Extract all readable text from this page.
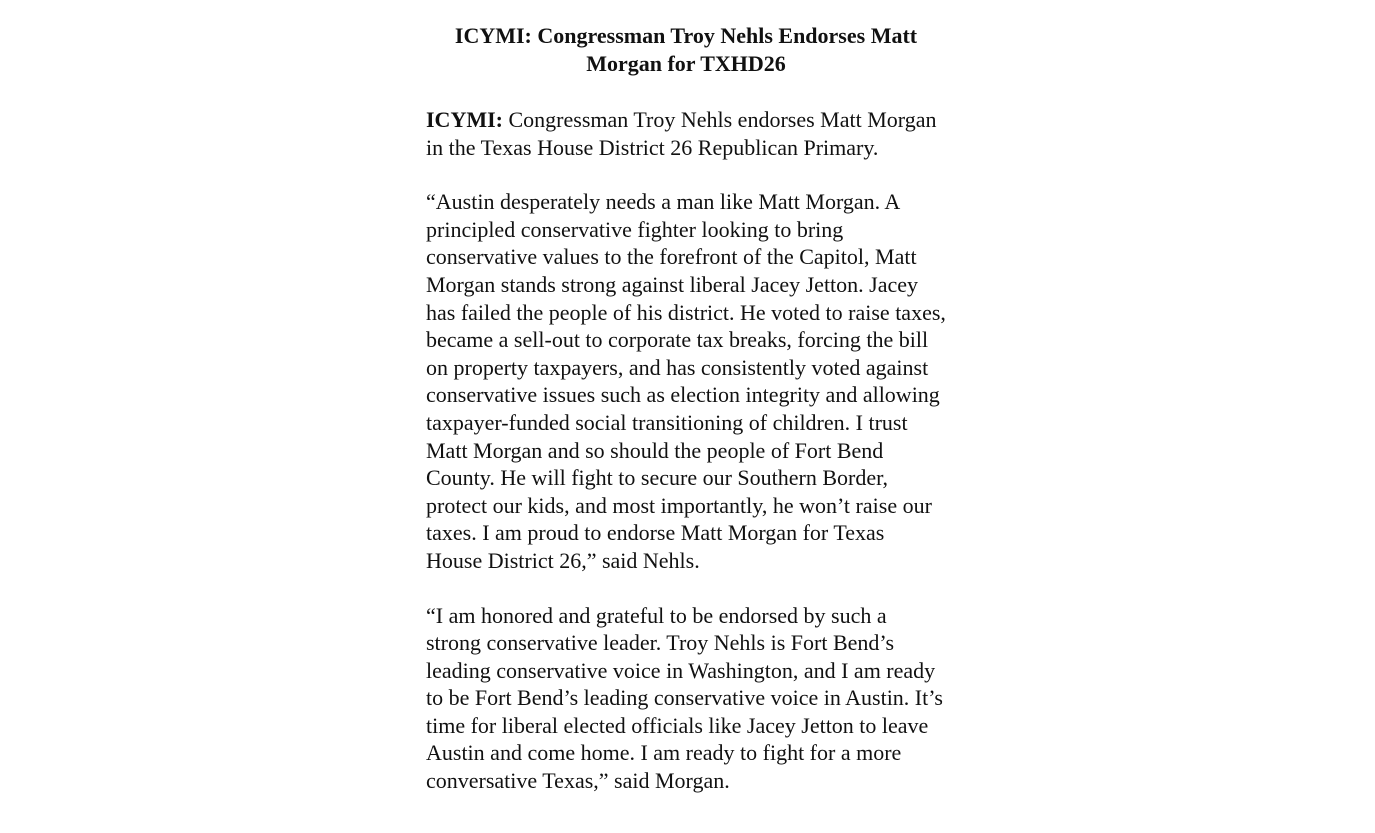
ICYMI: Congressman Troy Nehls Endorses Matt
Morgan for TXHD26

ICYMI: Congressman Troy Nehls endorses Matt Morgan in the Texas House District 26 Republican Primary.

“Austin desperately needs a man like Matt Morgan. A principled conservative fighter looking to bring conservative values to the forefront of the Capitol, Matt Morgan stands strong against liberal Jacey Jetton. Jacey has failed the people of his district. He voted to raise taxes, became a sell-out to corporate tax breaks, forcing the bill on property taxpayers, and has consistently voted against conservative issues such as election integrity and allowing taxpayer-funded social transitioning of children. I trust Matt Morgan and so should the people of Fort Bend County. He will fight to secure our Southern Border, protect our kids, and most importantly, he won’t raise our taxes. I am proud to endorse Matt Morgan for Texas House District 26,” said Nehls.

“I am honored and grateful to be endorsed by such a strong conservative leader. Troy Nehls is Fort Bend’s leading conservative voice in Washington, and I am ready to be Fort Bend’s leading conservative voice in Austin. It’s time for liberal elected officials like Jacey Jetton to leave Austin and come home. I am ready to fight for a more conversative Texas,” said Morgan.
